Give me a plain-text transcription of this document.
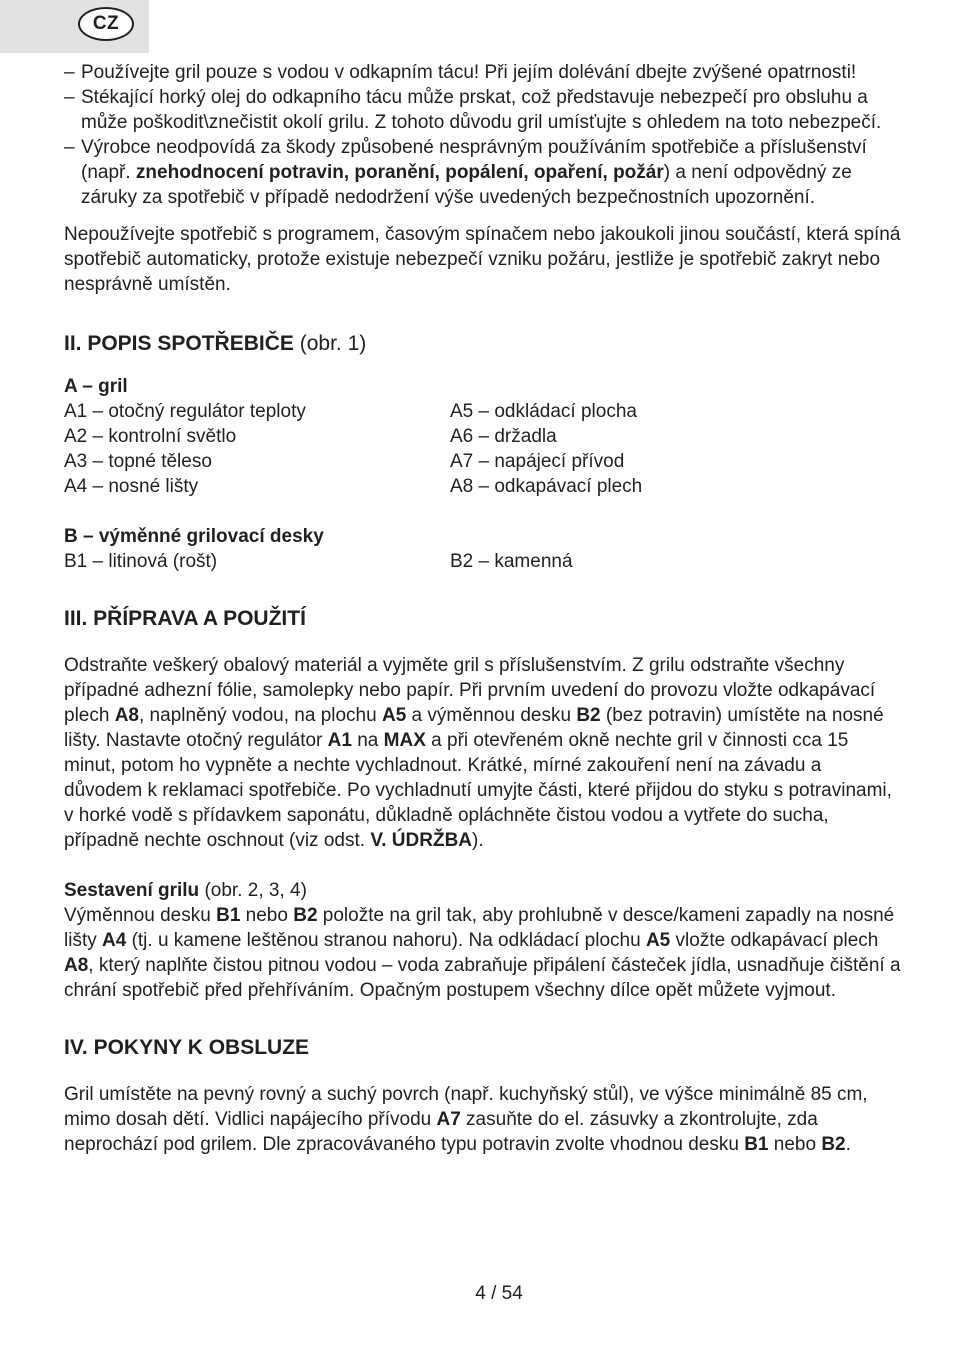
CZ

– Používejte gril pouze s vodou v odkapním tácu! Při jejím dolévání dbejte zvýšené opatrnosti!

– Stékající horký olej do odkapního tácu může prskat, což představuje nebezpečí pro obsluhu a může poškodit\znečistit okolí grilu. Z tohoto důvodu gril umísťujte s ohledem na toto nebezpečí.

– Výrobce neodpovídá za škody způsobené nesprávným používáním spotřebiče a příslušenství (např. znehodnocení potravin, poranění, popálení, opaření, požár) a není odpovědný ze záruky za spotřebič v případě nedodržení výše uvedených bezpečnostních upozornění.

Nepoužívejte spotřebič s programem, časovým spínačem nebo jakoukoli jinou součástí, která spíná spotřebič automaticky, protože existuje nebezpečí vzniku požáru, jestliže je spotřebič zakryt nebo nesprávně umístěn.

II. POPIS SPOTŘEBIČE (obr. 1)

A – gril

A1 – otočný regulátor teploty	A5 – odkládací plocha
A2 – kontrolní světlo	A6 – držadla
A3 – topné těleso	A7 – napájecí přívod
A4 – nosné lišty	A8 – odkapávací plech

B – výměnné grilovací desky

B1 – litinová (rošt)	B2 – kamenná
III. PŘÍPRAVA A POUŽITÍ

Odstraňte veškerý obalový materiál a vyjměte gril s příslušenstvím. Z grilu odstraňte všechny případné adhezní fólie, samolepky nebo papír. Při prvním uvedení do provozu vložte odkapávací plech A8, naplněný vodou, na plochu A5 a výměnnou desku B2 (bez potravin) umístěte na nosné lišty. Nastavte otočný regulátor A1 na MAX a při otevřeném okně nechte gril v činnosti cca 15 minut, potom ho vypněte a nechte vychladnout. Krátké, mírné zakouření není na závadu a důvodem k reklamaci spotřebiče. Po vychladnutí umyjte části, které přijdou do styku s potravinami, v horké vodě s přídavkem saponátu, důkladně opláchněte čistou vodou a vytřete do sucha, případně nechte oschnout (viz odst. V. ÚDRŽBA).

Sestavení grilu (obr. 2, 3, 4)

Výměnnou desku B1 nebo B2 položte na gril tak, aby prohlubně v desce/kameni zapadly na nosné lišty A4 (tj. u kamene leštěnou stranou nahoru). Na odkládací plochu A5 vložte odkapávací plech A8, který naplňte čistou pitnou vodou – voda zabraňuje připálení částeček jídla, usnadňuje čištění a chrání spotřebič před přehříváním. Opačným postupem všechny dílce opět můžete vyjmout.

IV. POKYNY K OBSLUZE

Gril umístěte na pevný rovný a suchý povrch (např. kuchyňský stůl), ve výšce minimálně 85 cm, mimo dosah dětí. Vidlici napájecího přívodu A7 zasuňte do el. zásuvky a zkontrolujte, zda neprochází pod grilem. Dle zpracovávaného typu potravin zvolte vhodnou desku B1 nebo B2.

4 / 54
